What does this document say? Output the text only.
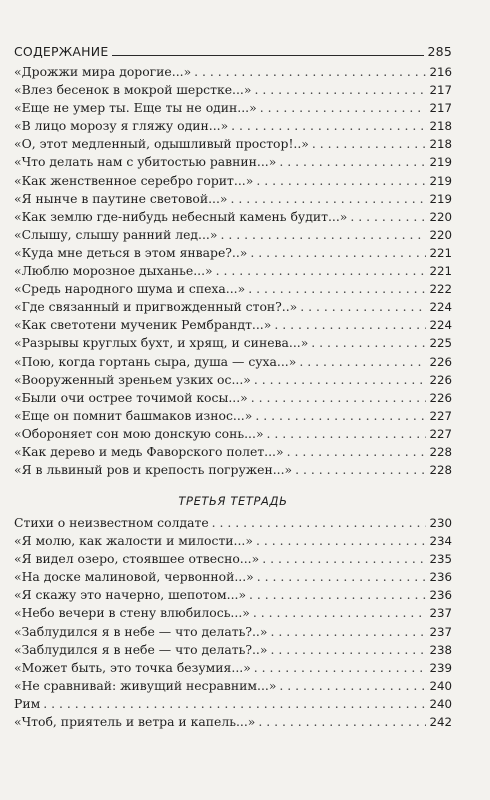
СОДЕРЖАНИЕ	285
«Дрожжи мира дорогие...» . . .	216
«Влез бесенок в мокрой шерстке...» . . .	217
«Еще не умер ты. Еще ты не один...» . . .	217
«В лицо морозу я гляжу один...» . . .	218
«О, этот медленный, одышливый простор!..» . . .	218
«Что делать нам с убитостью равнин...» . . .	219
«Как женственное серебро горит...» . . .	219
«Я нынче в паутине световой...» . . .	219
«Как землю где-нибудь небесный камень будит...» . . .	220
«Слышу, слышу ранний лед...» . . .	220
«Куда мне деться в этом январе?..» . . .	221
«Люблю морозное дыханье...» . . .	221
«Средь народного шума и спеха...» . . .	222
«Где связанный и пригвожденный стон?..» . . .	224
«Как светотени мученик Рембрандт...» . . .	224
«Разрывы круглых бухт, и хрящ, и синева...» . . .	225
«Пою, когда гортань сыра, душа — суха...» . . .	226
«Вооруженный зреньем узких ос...» . . .	226
«Были очи острее точимой косы...» . . .	226
«Еще он помнит башмаков износ...» . . .	227
«Обороняет сон мою донскую сонь...» . . .	227
«Как дерево и медь Фаворского полет...» . . .	228
«Я в львиный ров и крепость погружен...» . . .	228
ТРЕТЬЯ ТЕТРАДЬ
Стихи о неизвестном солдате . . .	230
«Я молю, как жалости и милости...» . . .	234
«Я видел озеро, стоявшее отвесно...» . . .	235
«На доске малиновой, червонной...» . . .	236
«Я скажу это начерно, шепотом...» . . .	236
«Небо вечери в стену влюбилось...» . . .	237
«Заблудился я в небе — что делать?..» . . .	237
«Заблудился я в небе — что делать?..» . . .	238
«Может быть, это точка безумия...» . . .	239
«Не сравнивай: живущий несравним...» . . .	240
Рим . . .	240
«Чтоб, приятель и ветра и капель...» . . .	242
